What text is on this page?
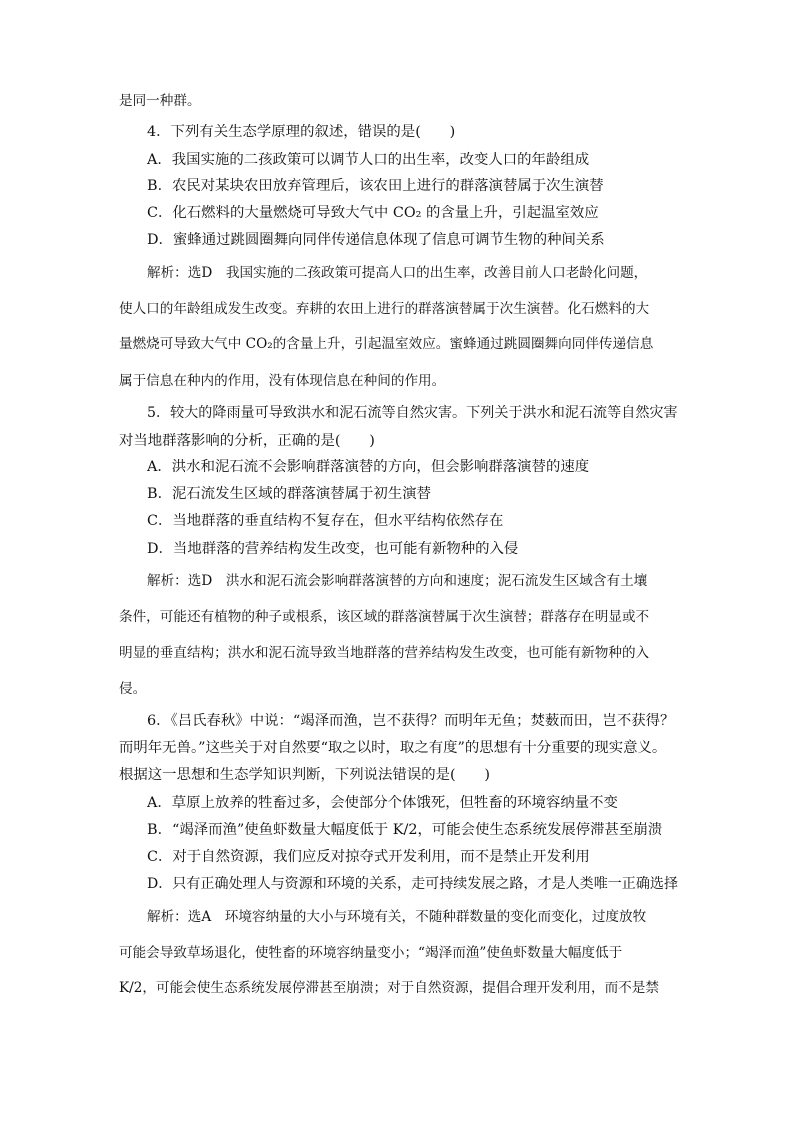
是同一种群。
4．下列有关生态学原理的叙述，错误的是(　　)
A．我国实施的二孩政策可以调节人口的出生率，改变人口的年龄组成
B．农民对某块农田放弃管理后，该农田上进行的群落演替属于次生演替
C．化石燃料的大量燃烧可导致大气中 CO₂ 的含量上升，引起温室效应
D．蜜蜂通过跳圆圈舞向同伴传递信息体现了信息可调节生物的种间关系
解析：选D　我国实施的二孩政策可提高人口的出生率，改善目前人口老龄化问题，
使人口的年龄组成发生改变。弃耕的农田上进行的群落演替属于次生演替。化石燃料的大
量燃烧可导致大气中 CO₂的含量上升，引起温室效应。蜜蜂通过跳圆圈舞向同伴传递信息
属于信息在种内的作用，没有体现信息在种间的作用。
5．较大的降雨量可导致洪水和泥石流等自然灾害。下列关于洪水和泥石流等自然灾害
对当地群落影响的分析，正确的是(　　)
A．洪水和泥石流不会影响群落演替的方向，但会影响群落演替的速度
B．泥石流发生区域的群落演替属于初生演替
C．当地群落的垂直结构不复存在，但水平结构依然存在
D．当地群落的营养结构发生改变，也可能有新物种的入侵
解析：选D　洪水和泥石流会影响群落演替的方向和速度；泥石流发生区域含有土壤
条件，可能还有植物的种子或根系，该区域的群落演替属于次生演替；群落存在明显或不
明显的垂直结构；洪水和泥石流导致当地群落的营养结构发生改变，也可能有新物种的入
侵。
6．《吕氏春秋》中说：“竭泽而渔，岂不获得？而明年无鱼；焚薮而田，岂不获得？
而明年无兽。”这些关于对自然要“取之以时，取之有度”的思想有十分重要的现实意义。
根据这一思想和生态学知识判断，下列说法错误的是(　　)
A．草原上放养的牲畜过多，会使部分个体饿死，但牲畜的环境容纳量不变
B．“竭泽而渔”使鱼虾数量大幅度低于 K/2，可能会使生态系统发展停滞甚至崩溃
C．对于自然资源，我们应反对掠夺式开发利用，而不是禁止开发利用
D．只有正确处理人与资源和环境的关系，走可持续发展之路，才是人类唯一正确选择
解析：选A　环境容纳量的大小与环境有关，不随种群数量的变化而变化，过度放牧
可能会导致草场退化，使牲畜的环境容纳量变小；“竭泽而渔”使鱼虾数量大幅度低于
K/2，可能会使生态系统发展停滞甚至崩溃；对于自然资源，提倡合理开发利用，而不是禁
